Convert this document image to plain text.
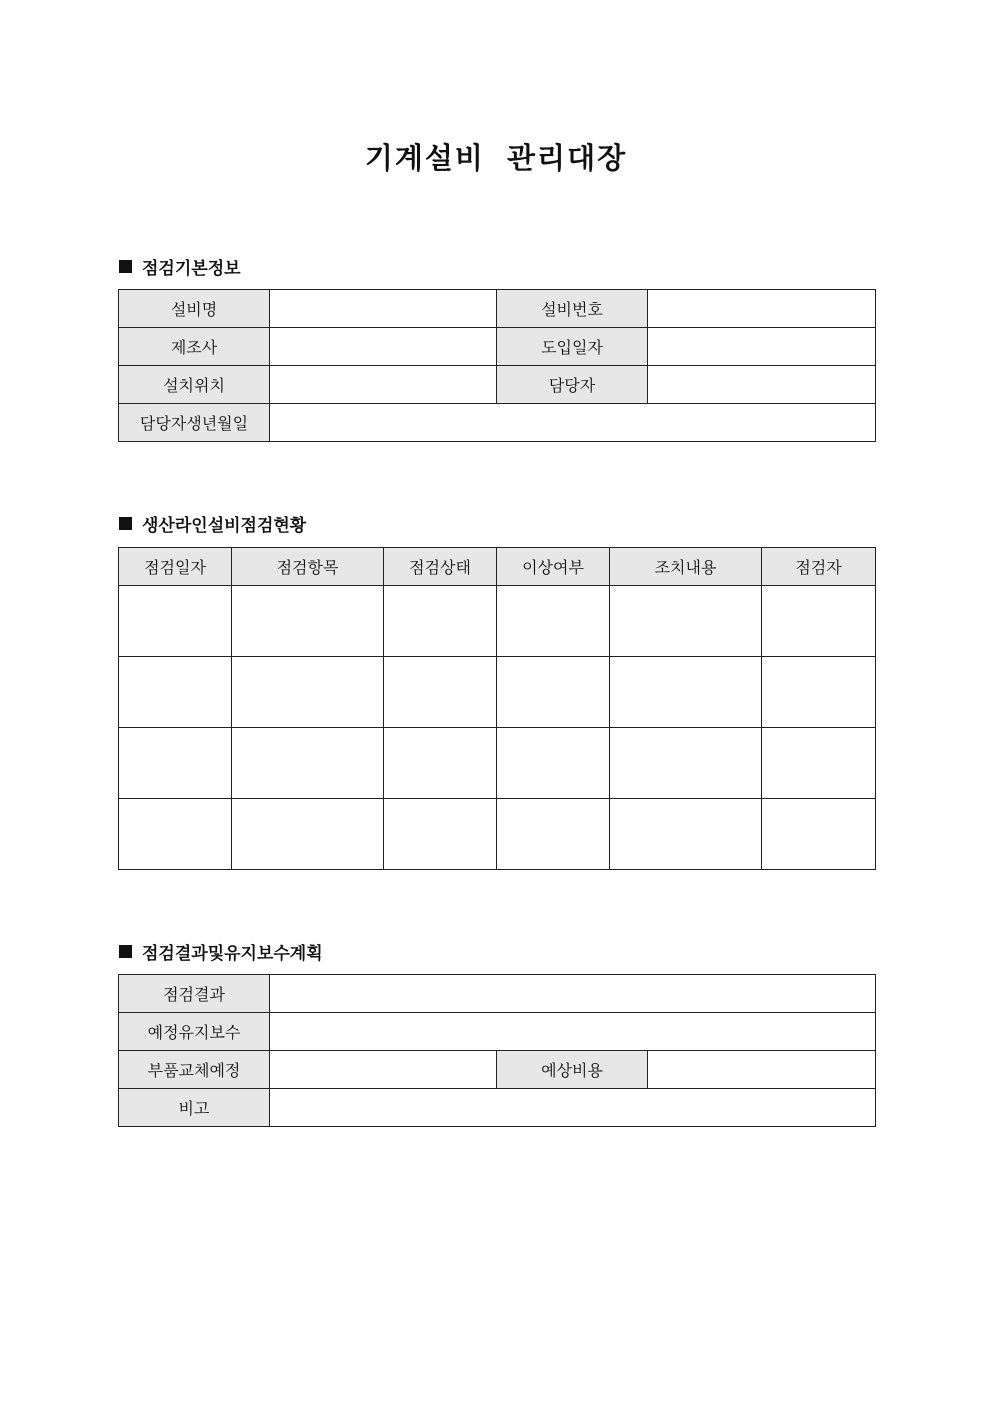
기계설비 관리대장
점검기본정보
설비명		설비번호	
제조사		도입일자	
설치위치		담당자	
담당자생년월일			
생산라인설비점검현황
점검일자	점검항목	점검상태	이상여부	조치내용	점검자

점검결과및유지보수계획
점검결과			
예정유지보수			
부품교체예정		예상비용	
비고			
